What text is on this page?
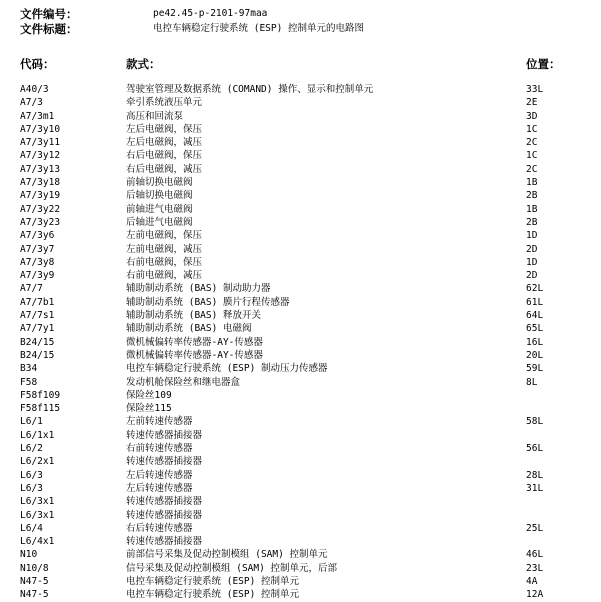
文件编号：	pe42.45-p-2101-97maa
文件标题：	电控车辆稳定行驶系统 (ESP) 控制单元的电路图
代码：	款式：	位置：
A40/3	驾驶室管理及数据系统 (COMAND) 操作、显示和控制单元	33L
A7/3	牵引系统液压单元	2E
A7/3m1	高压和回流泵	3D
A7/3y10	左后电磁阀，保压	1C
A7/3y11	左后电磁阀，减压	2C
A7/3y12	右后电磁阀，保压	1C
A7/3y13	右后电磁阀，减压	2C
A7/3y18	前轴切换电磁阀	1B
A7/3y19	后轴切换电磁阀	2B
A7/3y22	前轴进气电磁阀	1B
A7/3y23	后轴进气电磁阀	2B
A7/3y6	左前电磁阀，保压	1D
A7/3y7	左前电磁阀，减压	2D
A7/3y8	右前电磁阀，保压	1D
A7/3y9	右前电磁阀，减压	2D
A7/7	辅助制动系统 (BAS) 制动助力器	62L
A7/7b1	辅助制动系统 (BAS) 膜片行程传感器	61L
A7/7s1	辅助制动系统 (BAS) 释放开关	64L
A7/7y1	辅助制动系统 (BAS) 电磁阀	65L
B24/15	微机械偏转率传感器-AY-传感器	16L
B24/15	微机械偏转率传感器-AY-传感器	20L
B34	电控车辆稳定行驶系统 (ESP) 制动压力传感器	59L
F58	发动机舱保险丝和继电器盒	8L
F58f109	保险丝109
F58f115	保险丝115
L6/1	左前转速传感器	58L
L6/1x1	转速传感器插接器
L6/2	右前转速传感器	56L
L6/2x1	转速传感器插接器
L6/3	左后转速传感器	28L
L6/3	左后转速传感器	31L
L6/3x1	转速传感器插接器
L6/3x1	转速传感器插接器
L6/4	右后转速传感器	25L
L6/4x1	转速传感器插接器
N10	前部信号采集及促动控制模组 (SAM) 控制单元	46L
N10/8	信号采集及促动控制模组 (SAM) 控制单元，后部	23L
N47-5	电控车辆稳定行驶系统 (ESP) 控制单元	4A
N47-5	电控车辆稳定行驶系统 (ESP) 控制单元	12A
